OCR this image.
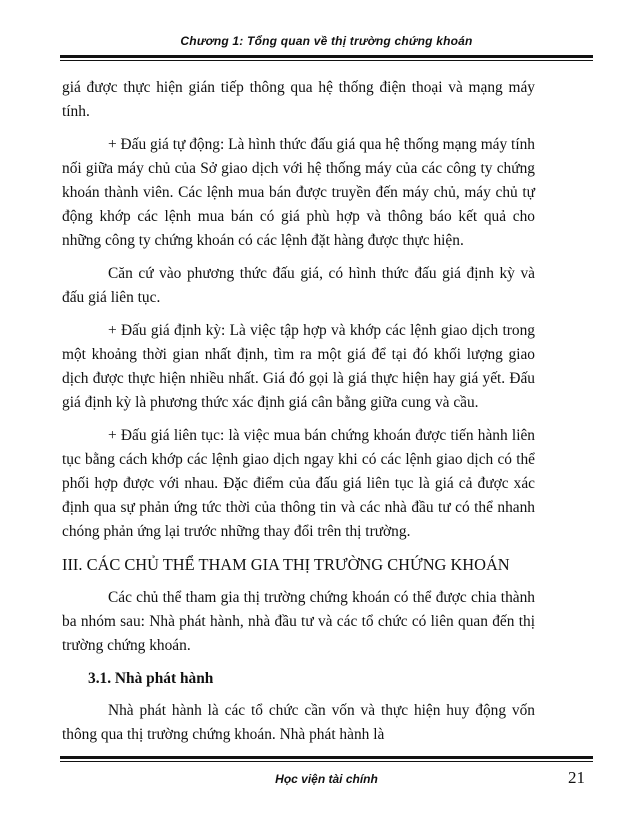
Chương 1: Tổng quan về thị trường chứng khoán

giá được thực hiện gián tiếp thông qua hệ thống điện thoại và mạng máy tính.

+ Đấu giá tự động: Là hình thức đấu giá qua hệ thống mạng máy tính nối giữa máy chủ của Sở giao dịch với hệ thống máy của các công ty chứng khoán thành viên. Các lệnh mua bán được truyền đến máy chủ, máy chủ tự động khớp các lệnh mua bán có giá phù hợp và thông báo kết quả cho những công ty chứng khoán có các lệnh đặt hàng được thực hiện.

Căn cứ vào phương thức đấu giá, có hình thức đấu giá định kỳ và đấu giá liên tục.

+ Đấu giá định kỳ: Là việc tập hợp và khớp các lệnh giao dịch trong một khoảng thời gian nhất định, tìm ra một giá để tại đó khối lượng giao dịch được thực hiện nhiều nhất. Giá đó gọi là giá thực hiện hay giá yết. Đấu giá định kỳ là phương thức xác định giá cân bằng giữa cung và cầu.

+ Đấu giá liên tục: là việc mua bán chứng khoán được tiến hành liên tục bằng cách khớp các lệnh giao dịch ngay khi có các lệnh giao dịch có thể phối hợp được với nhau. Đặc điểm của đấu giá liên tục là giá cả được xác định qua sự phản ứng tức thời của thông tin và các nhà đầu tư có thể nhanh chóng phản ứng lại trước những thay đổi trên thị trường.

III. CÁC CHỦ THỂ THAM GIA THỊ TRƯỜNG CHỨNG KHOÁN

Các chủ thể tham gia thị trường chứng khoán có thể được chia thành ba nhóm sau: Nhà phát hành, nhà đầu tư và các tổ chức có liên quan đến thị trường chứng khoán.

3.1. Nhà phát hành

Nhà phát hành là các tổ chức cần vốn và thực hiện huy động vốn thông qua thị trường chứng khoán. Nhà phát hành là

Học viện tài chính	21
